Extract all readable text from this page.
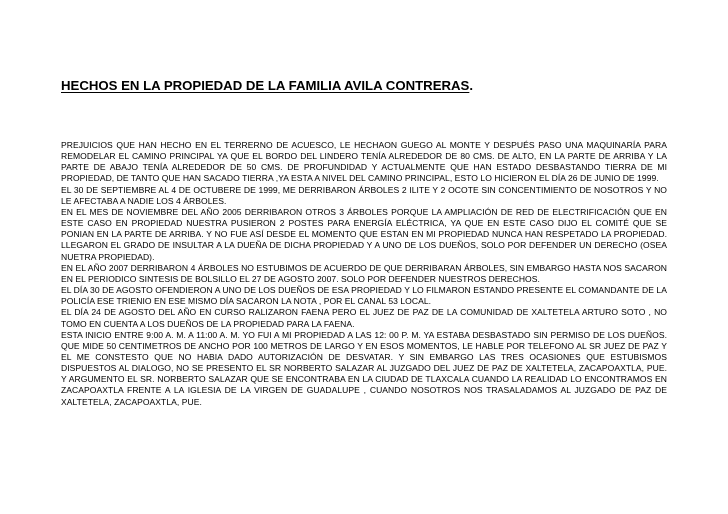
HECHOS EN LA PROPIEDAD DE LA FAMILIA AVILA CONTRERAS.

PREJUICIOS QUE HAN HECHO EN EL TERRERNO DE ACUESCO, LE HECHAON GUEGO AL MONTE Y DESPUÉS PASO UNA MAQUINARÍA PARA REMODELAR EL CAMINO PRINCIPAL YA QUE EL BORDO DEL LINDERO TENÍA ALREDEDOR DE 80 CMS. DE ALTO, EN LA PARTE DE ARRIBA Y LA PARTE DE ABAJO TENÍA ALREDEDOR DE 50 CMS. DE PROFUNDIDAD Y ACTUALMENTE QUE HAN ESTADO DESBASTANDO TIERRA DE MI PROPIEDAD, DE TANTO QUE HAN SACADO TIERRA ,YA ESTA A NIVEL DEL CAMINO PRINCIPAL, ESTO LO HICIERON EL DÍA 26 DE JUNIO DE 1999.

EL 30 DE SEPTIEMBRE AL 4 DE OCTUBERE DE 1999, ME DERRIBARON ÁRBOLES 2 ILITE Y 2 OCOTE SIN CONCENTIMIENTO DE NOSOTROS Y NO LE AFECTABA A NADIE LOS 4 ÁRBOLES.

EN EL MES DE NOVIEMBRE DEL AÑO 2005 DERRIBARON OTROS 3 ÁRBOLES PORQUE LA AMPLIACIÓN DE RED DE ELECTRIFICACIÓN QUE EN ESTE CASO EN PROPIEDAD NUESTRA PUSIERON 2 POSTES PARA ENERGÍA ELÉCTRICA, YA QUE EN ESTE CASO DIJO EL COMITÉ QUE SE PONIAN EN LA PARTE DE ARRIBA. Y NO FUE ASÍ DESDE EL MOMENTO QUE ESTAN EN MI PROPIEDAD NUNCA HAN RESPETADO LA PROPIEDAD. LLEGARON EL GRADO DE INSULTAR A LA DUEÑA DE DICHA PROPIEDAD Y A UNO DE LOS DUEÑOS, SOLO POR DEFENDER UN DERECHO (OSEA NUETRA PROPIEDAD).

EN EL AÑO 2007 DERRIBARON 4 ÁRBOLES NO ESTUBIMOS DE ACUERDO DE QUE DERRIBARAN ÁRBOLES, SIN EMBARGO HASTA NOS SACARON EN EL PERIODICO SINTESIS DE BOLSILLO EL 27 DE AGOSTO 2007. SOLO POR DEFENDER NUESTROS DERECHOS.

EL DÍA 30 DE AGOSTO OFENDIERON A UNO DE LOS DUEÑOS DE ESA PROPIEDAD Y LO FILMARON ESTANDO PRESENTE EL COMANDANTE DE LA POLICÍA ESE TRIENIO EN ESE MISMO DÍA SACARON LA NOTA , POR EL CANAL 53 LOCAL.

EL DÍA 24 DE AGOSTO DEL AÑO EN CURSO RALIZARON FAENA PERO EL JUEZ DE PAZ DE LA COMUNIDAD DE XALTETELA ARTURO SOTO , NO TOMO EN CUENTA A LOS DUEÑOS DE LA PROPIEDAD PARA LA FAENA.

ESTA INICIO ENTRE 9:00 A. M. A 11:00 A. M. YO FUI A MI PROPIEDAD A LAS 12: 00 P. M. YA ESTABA DESBASTADO SIN PERMISO DE LOS DUEÑOS. QUE MIDE 50 CENTIMETROS DE ANCHO POR 100 METROS DE LARGO Y EN ESOS MOMENTOS, LE HABLE POR TELEFONO AL SR JUEZ DE PAZ Y EL ME CONSTESTO QUE NO HABIA DADO AUTORIZACIÓN DE DESVATAR. Y SIN EMBARGO LAS TRES OCASIONES QUE ESTUBISMOS DISPUESTOS AL DIALOGO, NO SE PRESENTO EL SR NORBERTO SALAZAR AL JUZGADO DEL JUEZ DE PAZ DE XALTETELA, ZACAPOAXTLA, PUE. Y ARGUMENTO EL SR. NORBERTO SALAZAR QUE SE ENCONTRABA EN LA CIUDAD DE TLAXCALA CUANDO LA REALIDAD LO ENCONTRAMOS EN ZACAPOAXTLA FRENTE A LA IGLESIA DE LA VIRGEN DE GUADALUPE , CUANDO NOSOTROS NOS TRASALADAMOS AL JUZGADO DE PAZ DE XALTETELA, ZACAPOAXTLA, PUE.
